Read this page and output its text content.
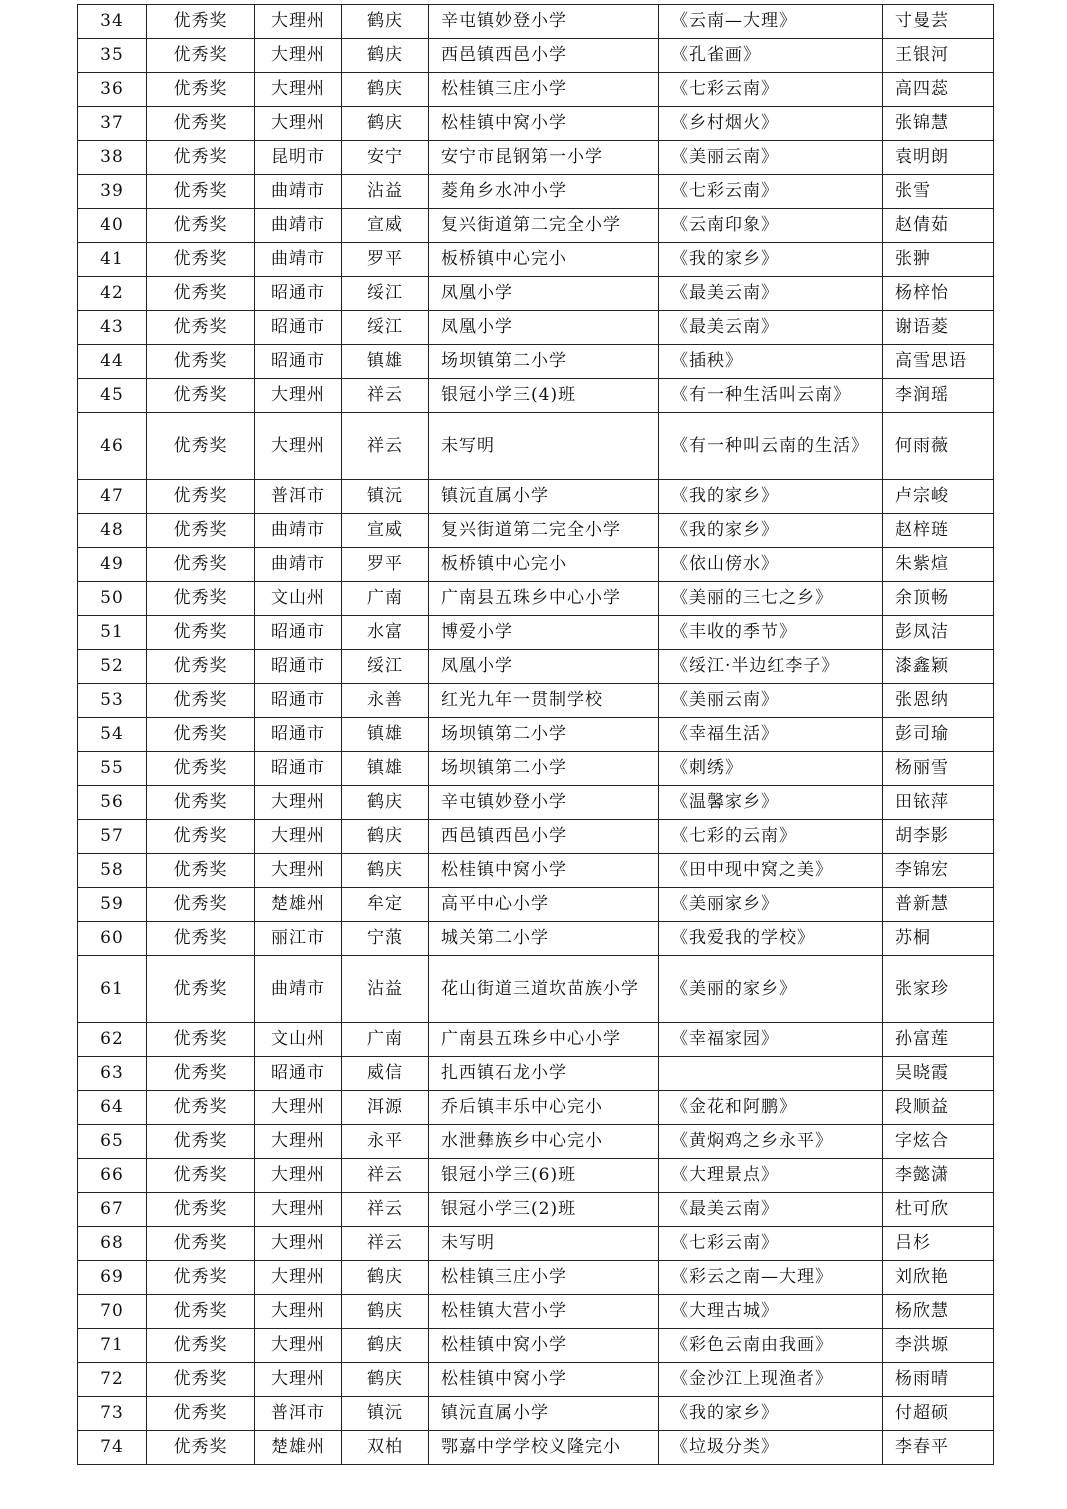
34	优秀奖	大理州	鹤庆	辛屯镇妙登小学	《云南—大理》	寸曼芸
35	优秀奖	大理州	鹤庆	西邑镇西邑小学	《孔雀画》	王银河
36	优秀奖	大理州	鹤庆	松桂镇三庄小学	《七彩云南》	高四蕊
37	优秀奖	大理州	鹤庆	松桂镇中窝小学	《乡村烟火》	张锦慧
38	优秀奖	昆明市	安宁	安宁市昆钢第一小学	《美丽云南》	袁明朗
39	优秀奖	曲靖市	沾益	菱角乡水冲小学	《七彩云南》	张雪
40	优秀奖	曲靖市	宣威	复兴街道第二完全小学	《云南印象》	赵倩茹
41	优秀奖	曲靖市	罗平	板桥镇中心完小	《我的家乡》	张翀
42	优秀奖	昭通市	绥江	凤凰小学	《最美云南》	杨梓怡
43	优秀奖	昭通市	绥江	凤凰小学	《最美云南》	谢语菱
44	优秀奖	昭通市	镇雄	场坝镇第二小学	《插秧》	高雪思语
45	优秀奖	大理州	祥云	银冠小学三(4)班	《有一种生活叫云南》	李润瑶
46	优秀奖	大理州	祥云	未写明	《有一种叫云南的生活》	何雨薇
47	优秀奖	普洱市	镇沅	镇沅直属小学	《我的家乡》	卢宗峻
48	优秀奖	曲靖市	宣威	复兴街道第二完全小学	《我的家乡》	赵梓琏
49	优秀奖	曲靖市	罗平	板桥镇中心完小	《依山傍水》	朱紫煊
50	优秀奖	文山州	广南	广南县五珠乡中心小学	《美丽的三七之乡》	余顶畅
51	优秀奖	昭通市	水富	博爱小学	《丰收的季节》	彭凤洁
52	优秀奖	昭通市	绥江	凤凰小学	《绥江·半边红李子》	漆鑫颖
53	优秀奖	昭通市	永善	红光九年一贯制学校	《美丽云南》	张恩纳
54	优秀奖	昭通市	镇雄	场坝镇第二小学	《幸福生活》	彭司瑜
55	优秀奖	昭通市	镇雄	场坝镇第二小学	《刺绣》	杨丽雪
56	优秀奖	大理州	鹤庆	辛屯镇妙登小学	《温馨家乡》	田铱萍
57	优秀奖	大理州	鹤庆	西邑镇西邑小学	《七彩的云南》	胡李影
58	优秀奖	大理州	鹤庆	松桂镇中窝小学	《田中现中窝之美》	李锦宏
59	优秀奖	楚雄州	牟定	高平中心小学	《美丽家乡》	普新慧
60	优秀奖	丽江市	宁蒗	城关第二小学	《我爱我的学校》	苏桐
61	优秀奖	曲靖市	沾益	花山街道三道坎苗族小学	《美丽的家乡》	张家珍
62	优秀奖	文山州	广南	广南县五珠乡中心小学	《幸福家园》	孙富莲
63	优秀奖	昭通市	威信	扎西镇石龙小学		吴晓霞
64	优秀奖	大理州	洱源	乔后镇丰乐中心完小	《金花和阿鹏》	段顺益
65	优秀奖	大理州	永平	水泄彝族乡中心完小	《黄焖鸡之乡永平》	字炫合
66	优秀奖	大理州	祥云	银冠小学三(6)班	《大理景点》	李懿潇
67	优秀奖	大理州	祥云	银冠小学三(2)班	《最美云南》	杜可欣
68	优秀奖	大理州	祥云	未写明	《七彩云南》	吕杉
69	优秀奖	大理州	鹤庆	松桂镇三庄小学	《彩云之南—大理》	刘欣艳
70	优秀奖	大理州	鹤庆	松桂镇大营小学	《大理古城》	杨欣慧
71	优秀奖	大理州	鹤庆	松桂镇中窝小学	《彩色云南由我画》	李洪塬
72	优秀奖	大理州	鹤庆	松桂镇中窝小学	《金沙江上现渔者》	杨雨晴
73	优秀奖	普洱市	镇沅	镇沅直属小学	《我的家乡》	付超硕
74	优秀奖	楚雄州	双柏	鄂嘉中学学校义隆完小	《垃圾分类》	李春平
